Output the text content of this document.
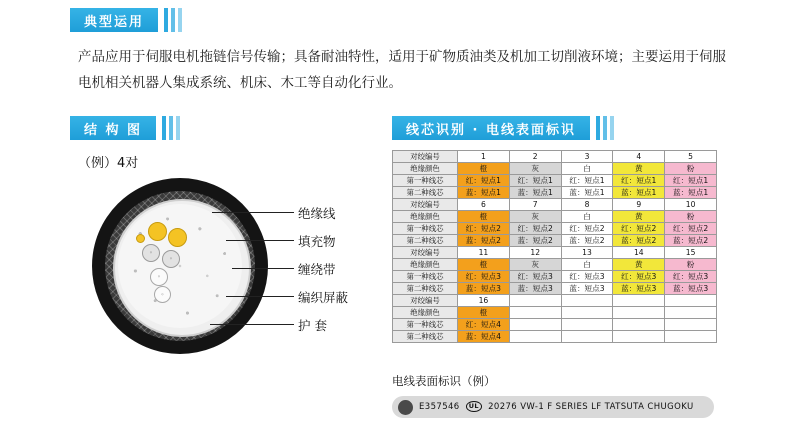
典型运用
产品应用于伺服电机拖链信号传输；具备耐油特性，适用于矿物质油类及机加工切削液环境；主要运用于伺服电机相关机器人集成系统、机床、木工等自动化行业。
结 构 图
（例）4对
◦
◦
◦
◦
绝缘线
填充物
缠绕带
编织屏蔽
护 套
线芯识别 · 电线表面标识
对绞编号	1	2	3	4	5
绝缘颜色	橙	灰	白	黄	粉
第一种线芯	红：短点1	红：短点1	红：短点1	红：短点1	红：短点1
第二种线芯	蓝：短点1	蓝：短点1	蓝：短点1	蓝：短点1	蓝：短点1
对绞编号	6	7	8	9	10
绝缘颜色	橙	灰	白	黄	粉
第一种线芯	红：短点2	红：短点2	红：短点2	红：短点2	红：短点2
第二种线芯	蓝：短点2	蓝：短点2	蓝：短点2	蓝：短点2	蓝：短点2
对绞编号	11	12	13	14	15
绝缘颜色	橙	灰	白	黄	粉
第一种线芯	红：短点3	红：短点3	红：短点3	红：短点3	红：短点3
第二种线芯	蓝：短点3	蓝：短点3	蓝：短点3	蓝：短点3	蓝：短点3
对绞编号	16				
绝缘颜色	橙				
第一种线芯	红：短点4				
第二种线芯	蓝：短点4				
电线表面标识（例）
E357546 UL 20276 VW-1 F SERIES LF TATSUTA CHUGOKU
